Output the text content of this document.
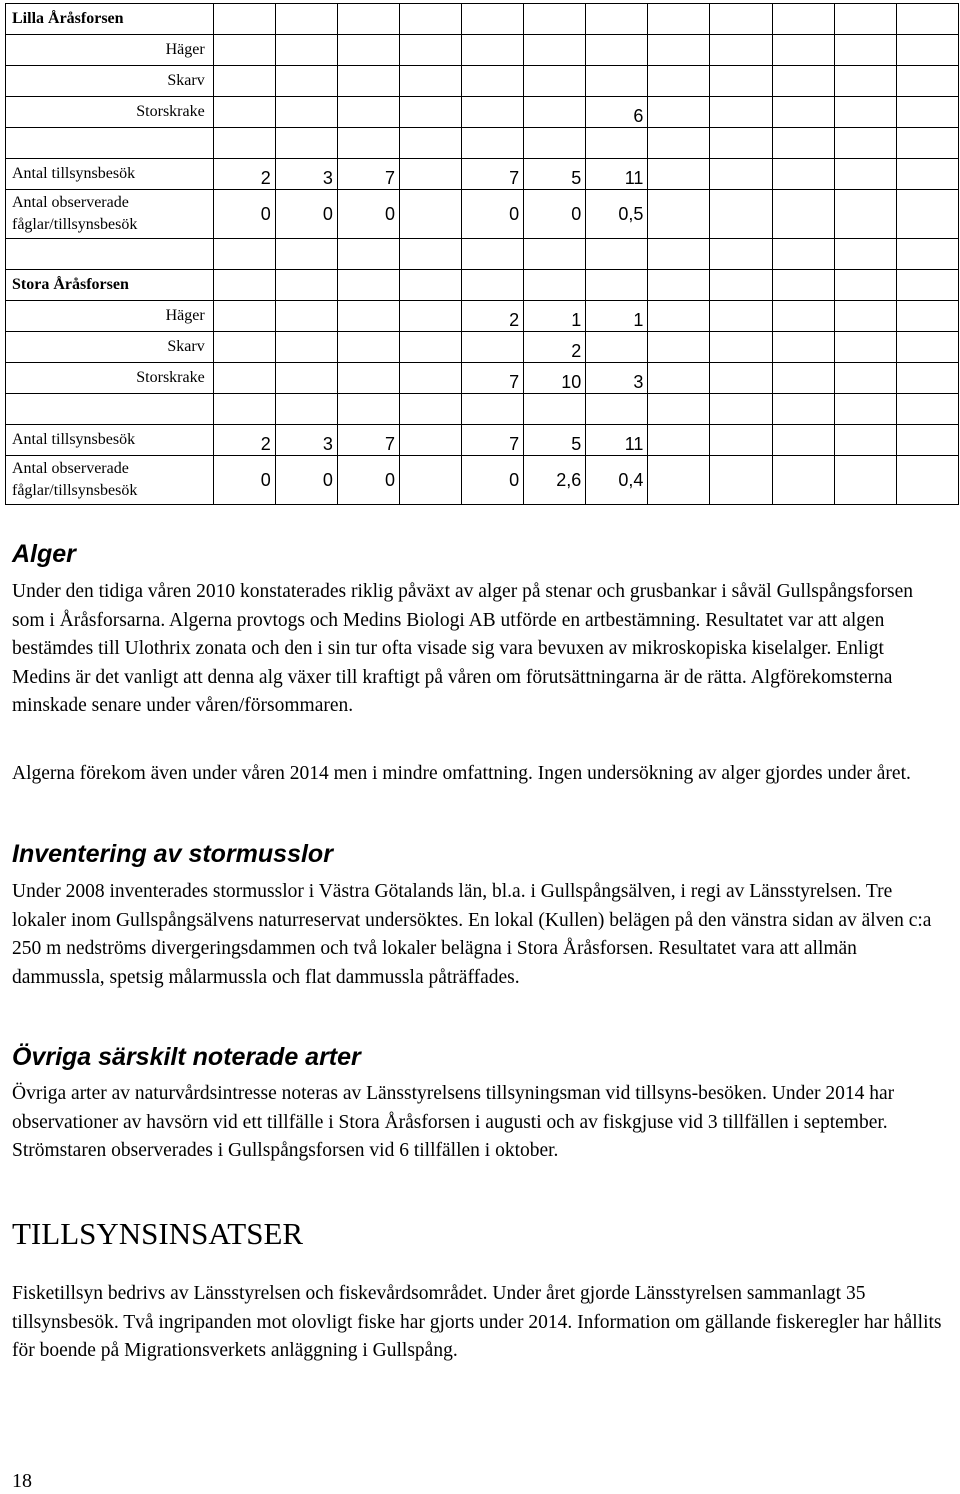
Lilla Åråsforsen												
Häger												
Skarv												
Storskrake							6					

Antal tillsynsbesök	2	3	7		7	5	11					
Antal observerade fåglar/tillsynsbesök	0	0	0		0	0	0,5					

Stora Åråsforsen												
Häger					2	1	1					
Skarv						2						
Storskrake					7	10	3					

Antal tillsynsbesök	2	3	7		7	5	11					
Antal observerade fåglar/tillsynsbesök	0	0	0		0	2,6	0,4					
Alger

Under den tidiga våren 2010 konstaterades riklig påväxt av alger på stenar och grusbankar i såväl Gullspångsforsen som i Åråsforsarna. Algerna provtogs och Medins Biologi AB utförde en artbestämning. Resultatet var att algen bestämdes till Ulothrix zonata och den i sin tur ofta visade sig vara bevuxen av mikroskopiska kiselalger. Enligt Medins är det vanligt att denna alg växer till kraftigt på våren om förutsättningarna är de rätta. Algförekomsterna minskade senare under våren/försommaren.

Algerna förekom även under våren 2014 men i mindre omfattning. Ingen undersökning av alger gjordes under året.

Inventering av stormusslor

Under 2008 inventerades stormusslor i Västra Götalands län, bl.a. i Gullspångsälven, i regi av Länsstyrelsen. Tre lokaler inom Gullspångsälvens naturreservat undersöktes. En lokal (Kullen) belägen på den vänstra sidan av älven c:a 250 m nedströms divergeringsdammen och två lokaler belägna i Stora Åråsforsen. Resultatet vara att allmän dammussla, spetsig målarmussla och flat dammussla påträffades.

Övriga särskilt noterade arter

Övriga arter av naturvårdsintresse noteras av Länsstyrelsens tillsyningsman vid tillsyns-besöken. Under 2014 har observationer av havsörn vid ett tillfälle i Stora Åråsforsen i augusti och av fiskgjuse vid 3 tillfällen i september. Strömstaren observerades i Gullspångsforsen vid 6 tillfällen i oktober.

TILLSYNSINSATSER

Fisketillsyn bedrivs av Länsstyrelsen och fiskevårdsområdet. Under året gjorde Länsstyrelsen sammanlagt 35 tillsynsbesök. Två ingripanden mot olovligt fiske har gjorts under 2014. Information om gällande fiskeregler har hållits för boende på Migrationsverkets anläggning i Gullspång.

18
